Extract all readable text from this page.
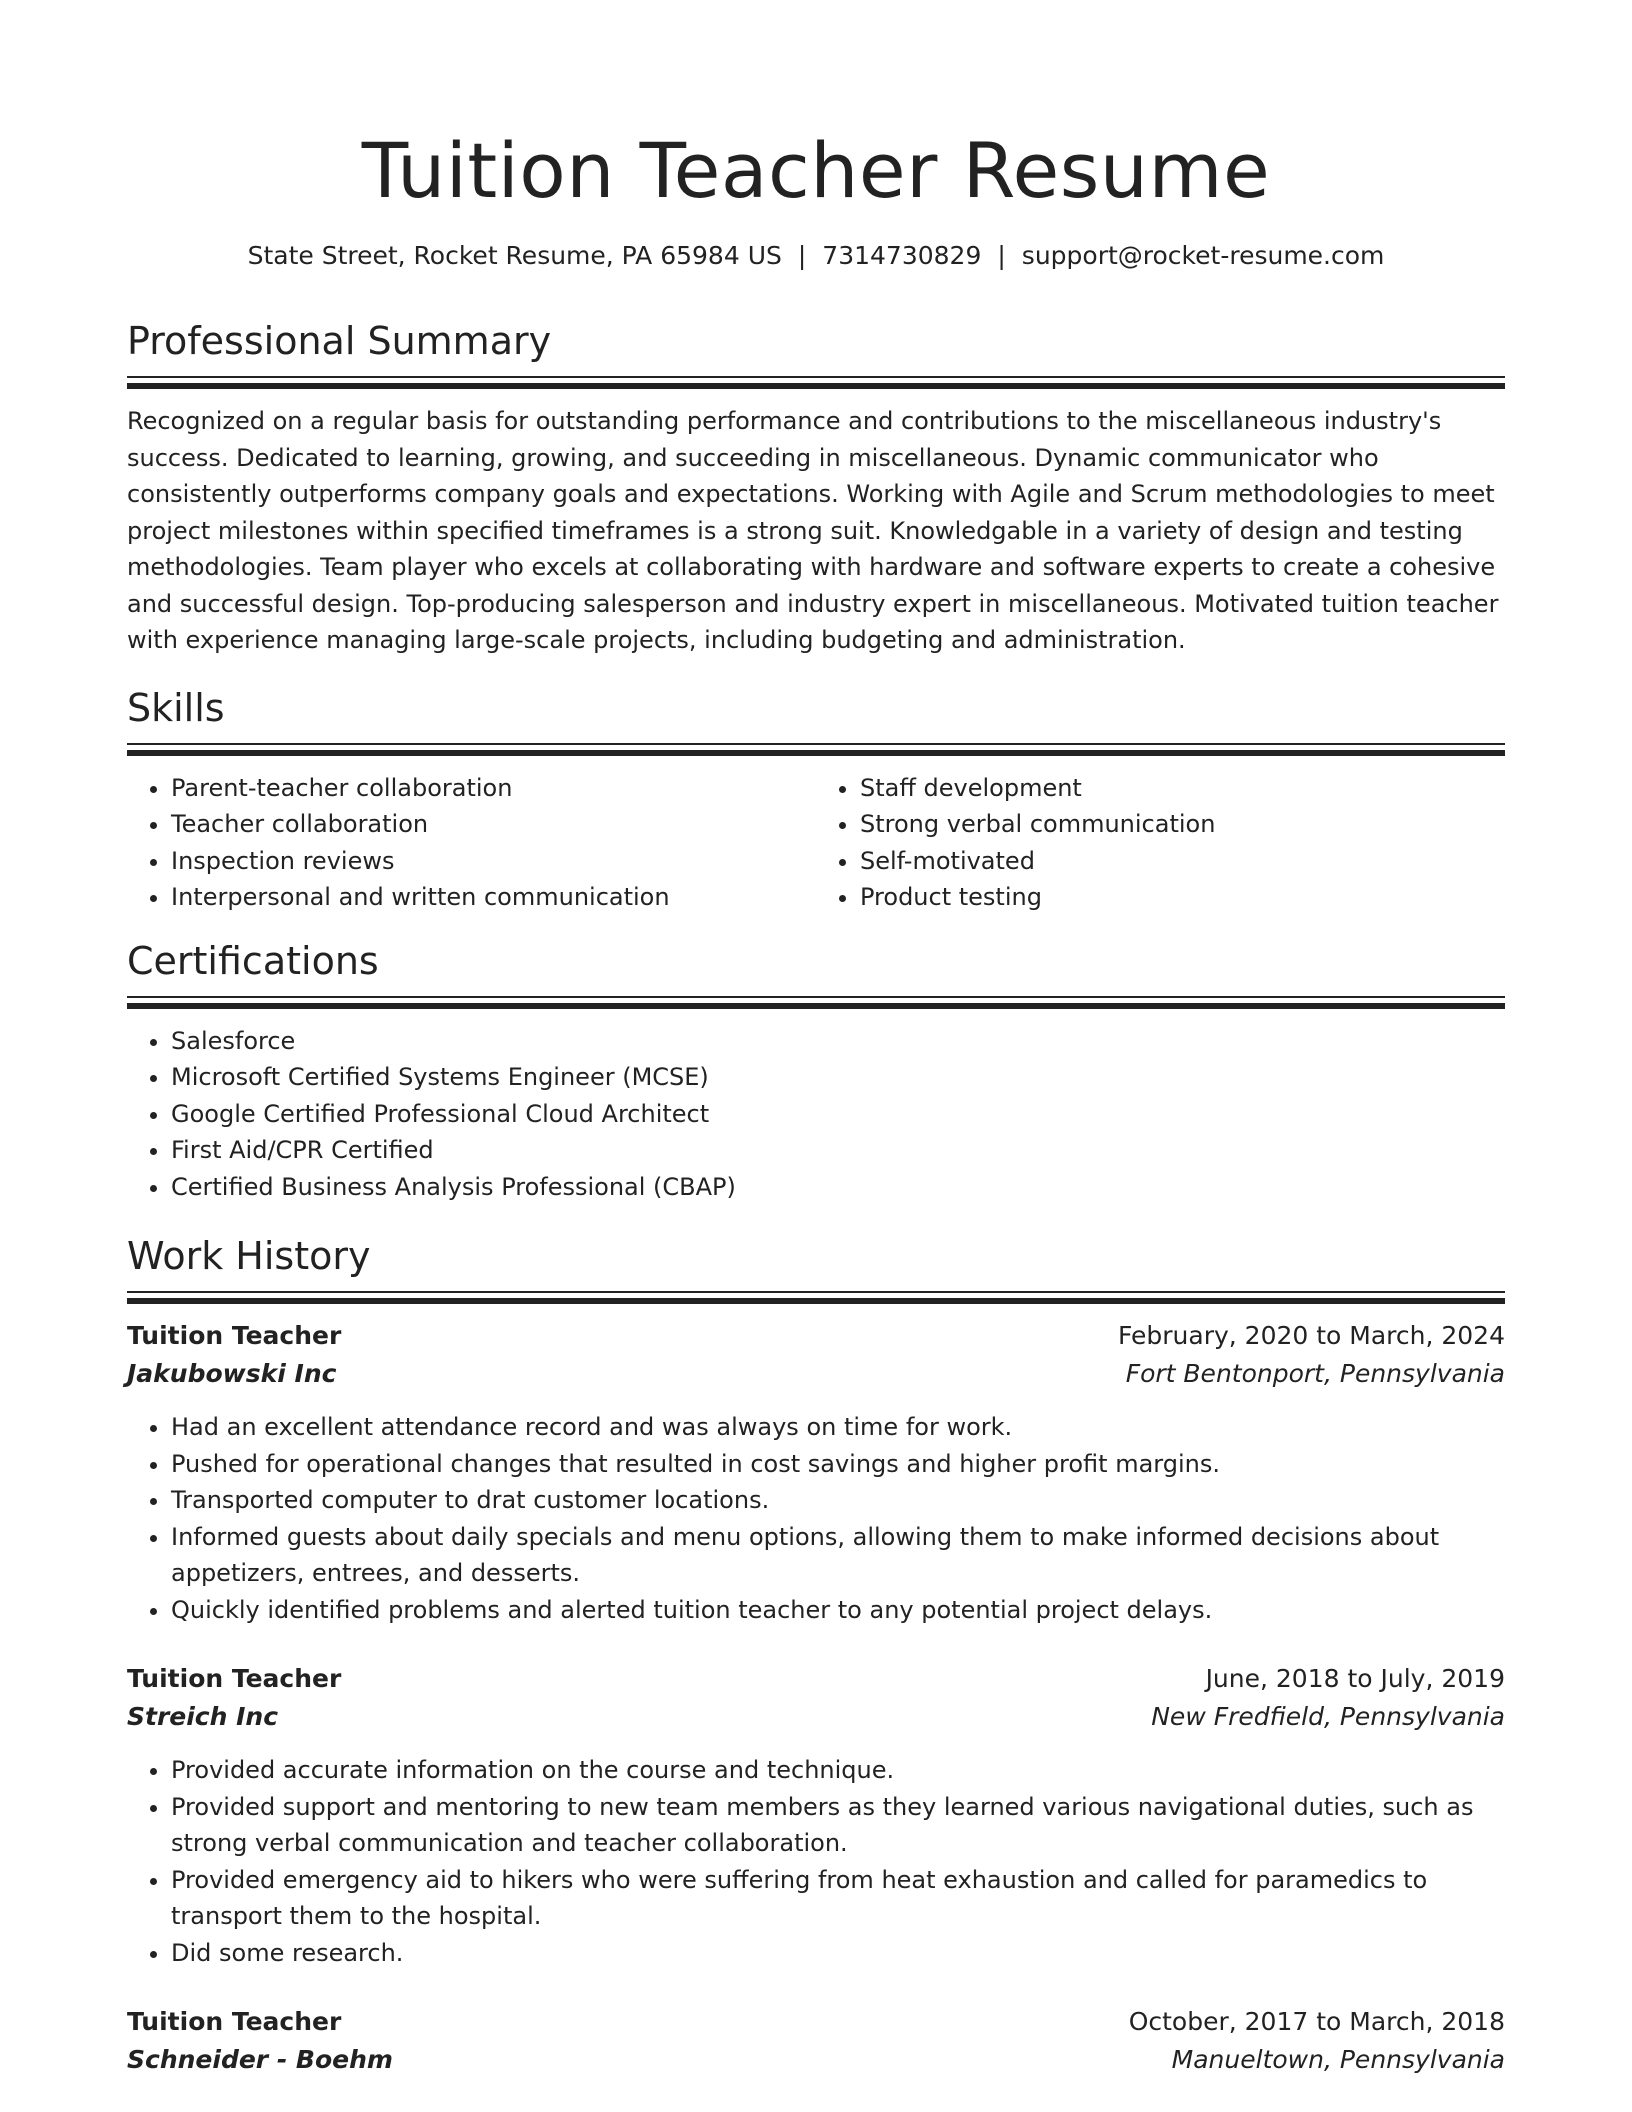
Tuition Teacher Resume
State Street, Rocket Resume, PA 65984 US | 7314730829 | support@rocket-resume.com
Professional Summary

Recognized on a regular basis for outstanding performance and contributions to the miscellaneous industry's success. Dedicated to learning, growing, and succeeding in miscellaneous. Dynamic communicator who consistently outperforms company goals and expectations. Working with Agile and Scrum methodologies to meet project milestones within specified timeframes is a strong suit. Knowledgable in a variety of design and testing methodologies. Team player who excels at collaborating with hardware and software experts to create a cohesive and successful design. Top-producing salesperson and industry expert in miscellaneous. Motivated tuition teacher with experience managing large-scale projects, including budgeting and administration.

Skills
• Parent-teacher collaboration
• Teacher collaboration
• Inspection reviews
• Interpersonal and written communication
• Staff development
• Strong verbal communication
• Self-motivated
• Product testing
Certifications
• Salesforce
• Microsoft Certified Systems Engineer (MCSE)
• Google Certified Professional Cloud Architect
• First Aid/CPR Certified
• Certified Business Analysis Professional (CBAP)
Work History
Tuition Teacher	February, 2020 to March, 2024
Jakubowski Inc	Fort Bentonport, Pennsylvania
• Had an excellent attendance record and was always on time for work.
• Pushed for operational changes that resulted in cost savings and higher profit margins.
• Transported computer to drat customer locations.
• Informed guests about daily specials and menu options, allowing them to make informed decisions about appetizers, entrees, and desserts.
• Quickly identified problems and alerted tuition teacher to any potential project delays.
Tuition Teacher	June, 2018 to July, 2019
Streich Inc	New Fredfield, Pennsylvania
• Provided accurate information on the course and technique.
• Provided support and mentoring to new team members as they learned various navigational duties, such as strong verbal communication and teacher collaboration.
• Provided emergency aid to hikers who were suffering from heat exhaustion and called for paramedics to transport them to the hospital.
• Did some research.
Tuition Teacher	October, 2017 to March, 2018
Schneider - Boehm	Manueltown, Pennsylvania
